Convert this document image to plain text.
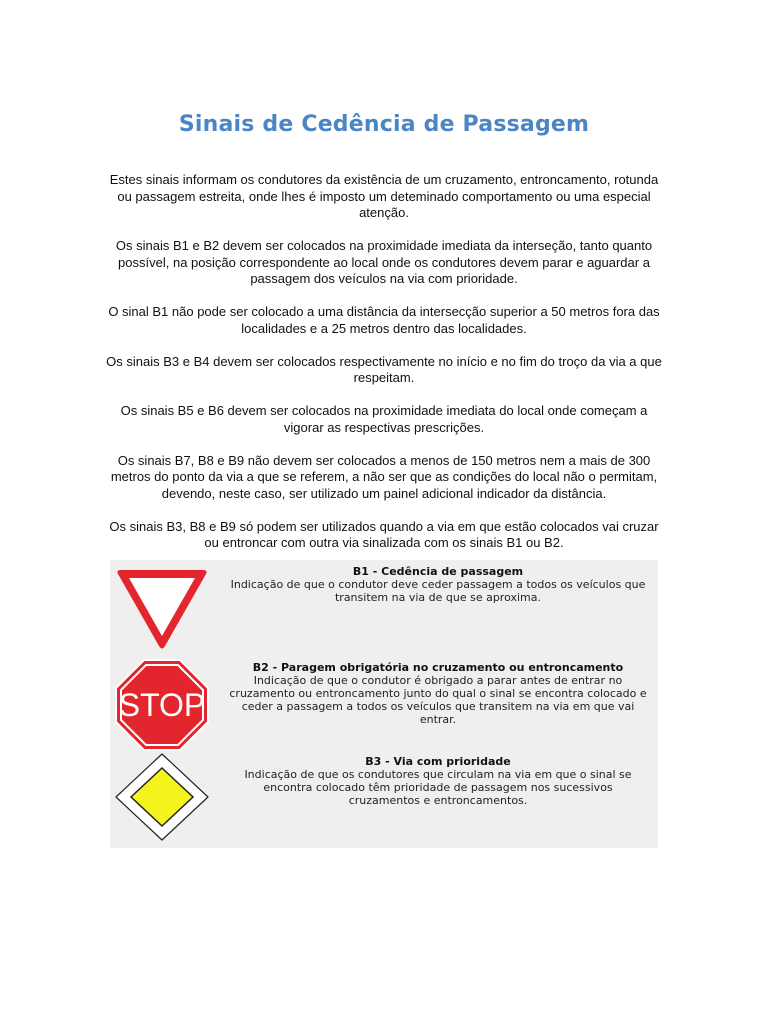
Sinais de Cedência de Passagem

Estes sinais informam os condutores da existência de um cruzamento, entroncamento, rotunda ou passagem estreita, onde lhes é imposto um deteminado comportamento ou uma especial atenção.

Os sinais B1 e B2 devem ser colocados na proximidade imediata da interseção, tanto quanto possível, na posição correspondente ao local onde os condutores devem parar e aguardar a passagem dos veículos na via com prioridade.

O sinal B1 não pode ser colocado a uma distância da intersecção superior a 50 metros fora das localidades e a 25 metros dentro das localidades.

Os sinais B3 e B4 devem ser colocados respectivamente no início e no fim do troço da via a que respeitam.

Os sinais B5 e B6 devem ser colocados na proximidade imediata do local onde começam a vigorar as respectivas prescrições.

Os sinais B7, B8 e B9 não devem ser colocados a menos de 150 metros nem a mais de 300 metros do ponto da via a que se referem, a não ser que as condições do local não o permitam, devendo, neste caso, ser utilizado um painel adicional indicador da distância.

Os sinais B3, B8 e B9 só podem ser utilizados quando a via em que estão colocados vai cruzar ou entroncar com outra via sinalizada com os sinais B1 ou B2.

B1 - Cedência de passagem
Indicação de que o condutor deve ceder passagem a todos os veículos que transitem na via de que se aproxima.
STOP
B2 - Paragem obrigatória no cruzamento ou entroncamento
Indicação de que o condutor é obrigado a parar antes de entrar no cruzamento ou entroncamento junto do qual o sinal se encontra colocado e ceder a passagem a todos os veículos que transitem na via em que vai entrar.
B3 - Via com prioridade
Indicação de que os condutores que circulam na via em que o sinal se encontra colocado têm prioridade de passagem nos sucessivos cruzamentos e entroncamentos.
